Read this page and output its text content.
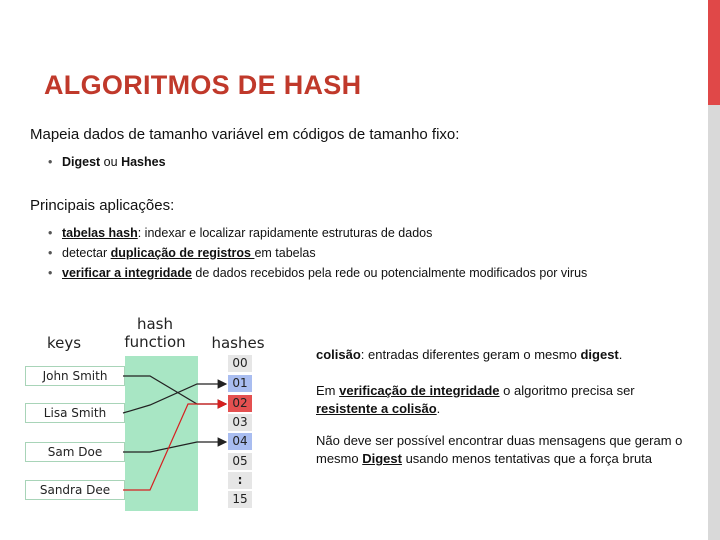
ALGORITMOS DE HASH
Mapeia dados de tamanho variável em códigos de tamanho fixo:
• Digest ou Hashes
Principais aplicações:
• tabelas hash: indexar e localizar rapidamente estruturas de dados
• detectar duplicação de registros em tabelas
• verificar a integridade de dados recebidos pela rede ou potencialmente modificados por virus
keys
hash
function	hashes
John Smith
Lisa Smith
Sam Doe
Sandra Dee
00
01
02
03
04
05
:
15
colisão: entradas diferentes geram o mesmo digest.
Em verificação de integridade o algoritmo precisa ser resistente a colisão.
Não deve ser possível encontrar duas mensagens que geram o mesmo Digest usando menos tentativas que a força bruta
